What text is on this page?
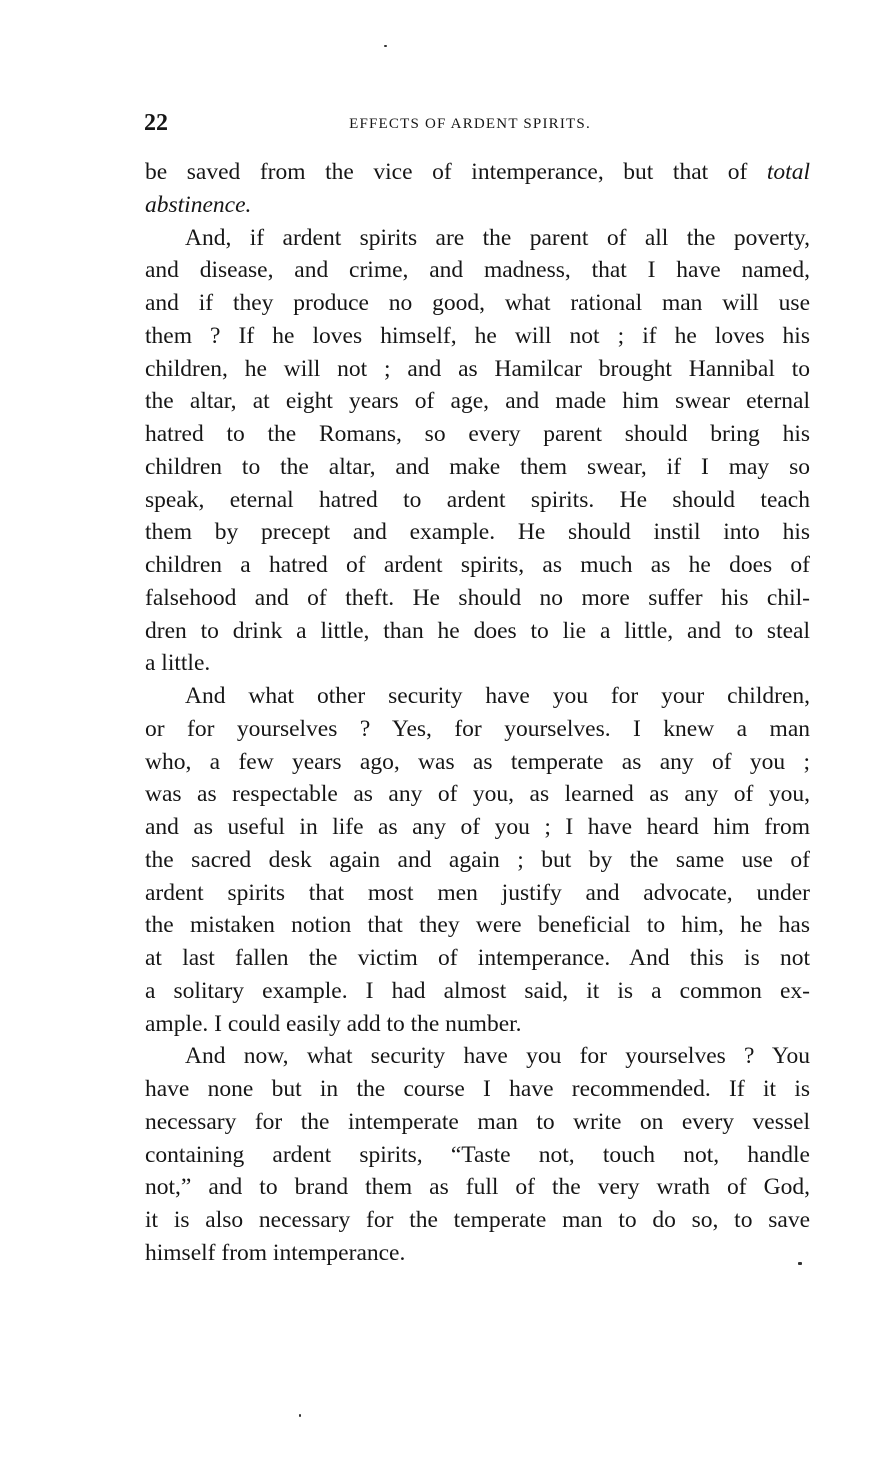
22	EFFECTS OF ARDENT SPIRITS.
be saved from the vice of intemperance, but that of total
abstinence.
And, if ardent spirits are the parent of all the poverty,
and disease, and crime, and madness, that I have named,
and if they produce no good, what rational man will use
them ? If he loves himself, he will not ; if he loves his
children, he will not ; and as Hamilcar brought Hannibal to
the altar, at eight years of age, and made him swear eternal
hatred to the Romans, so every parent should bring his
children to the altar, and make them swear, if I may so
speak, eternal hatred to ardent spirits. He should teach
them by precept and example. He should instil into his
children a hatred of ardent spirits, as much as he does of
falsehood and of theft. He should no more suffer his chil-
dren to drink a little, than he does to lie a little, and to steal
a little.
And what other security have you for your children,
or for yourselves ? Yes, for yourselves. I knew a man
who, a few years ago, was as temperate as any of you ;
was as respectable as any of you, as learned as any of you,
and as useful in life as any of you ; I have heard him from
the sacred desk again and again ; but by the same use of
ardent spirits that most men justify and advocate, under
the mistaken notion that they were beneficial to him, he has
at last fallen the victim of intemperance. And this is not
a solitary example. I had almost said, it is a common ex-
ample. I could easily add to the number.
And now, what security have you for yourselves ? You
have none but in the course I have recommended. If it is
necessary for the intemperate man to write on every vessel
containing ardent spirits, “Taste not, touch not, handle
not,” and to brand them as full of the very wrath of God,
it is also necessary for the temperate man to do so, to save
himself from intemperance.
